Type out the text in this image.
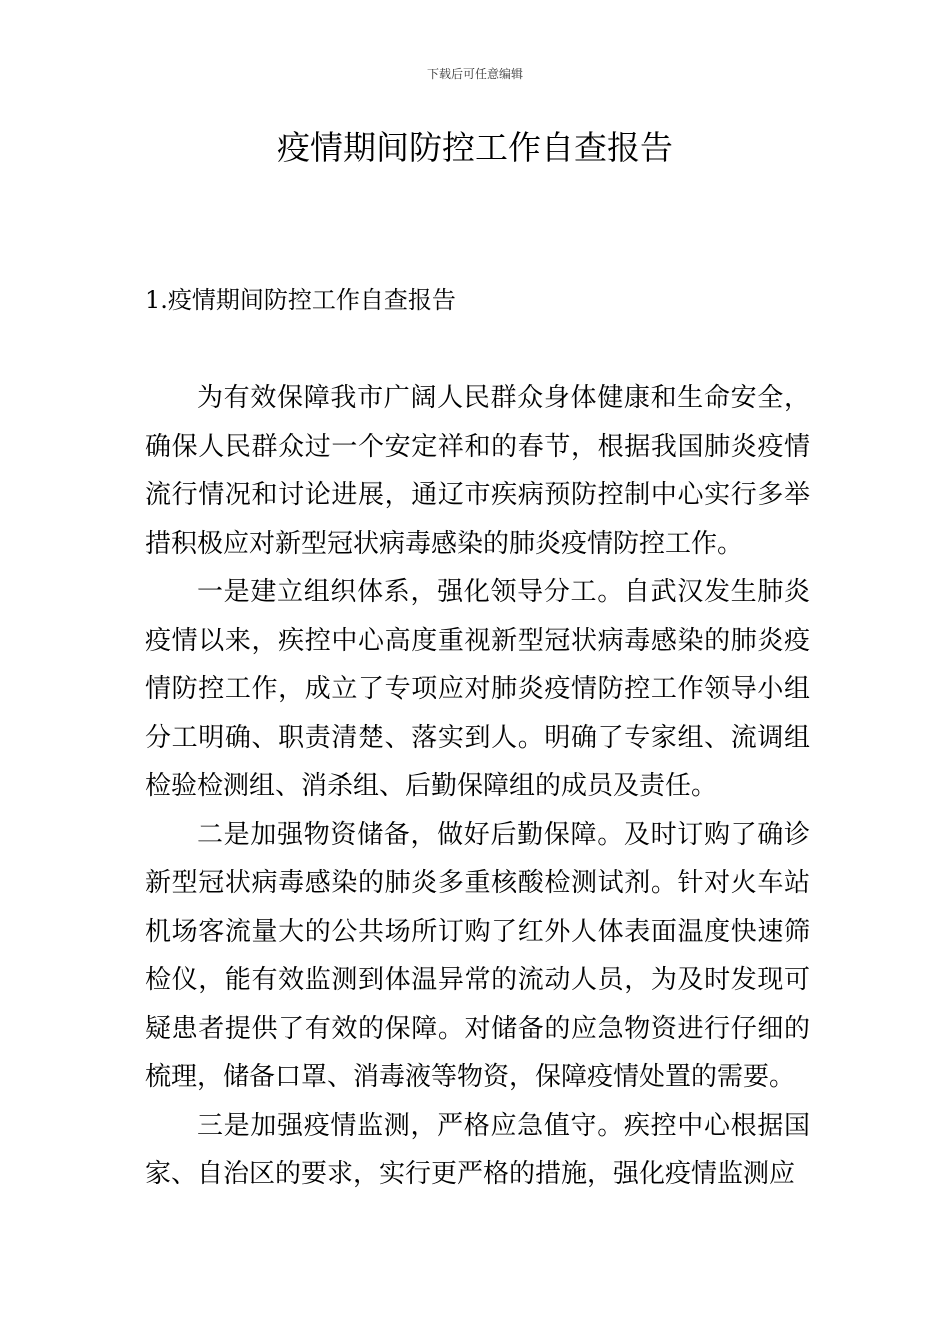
下载后可任意编辑
疫情期间防控工作自查报告
1.疫情期间防控工作自查报告

为有效保障我市广阔人民群众身体健康和生命安全，确保人民群众过一个安定祥和的春节，根据我国肺炎疫情流行情况和讨论进展，通辽市疾病预防控制中心实行多举措积极应对新型冠状病毒感染的肺炎疫情防控工作。

一是建立组织体系，强化领导分工。自武汉发生肺炎疫情以来，疾控中心高度重视新型冠状病毒感染的肺炎疫情防控工作，成立了专项应对肺炎疫情防控工作领导小组分工明确、职责清楚、落实到人。明确了专家组、流调组检验检测组、消杀组、后勤保障组的成员及责任。

二是加强物资储备，做好后勤保障。及时订购了确诊新型冠状病毒感染的肺炎多重核酸检测试剂。针对火车站机场客流量大的公共场所订购了红外人体表面温度快速筛检仪，能有效监测到体温异常的流动人员，为及时发现可疑患者提供了有效的保障。对储备的应急物资进行仔细的梳理，储备口罩、消毒液等物资，保障疫情处置的需要。

三是加强疫情监测，严格应急值守。疾控中心根据国家、自治区的要求，实行更严格的措施，强化疫情监测应
